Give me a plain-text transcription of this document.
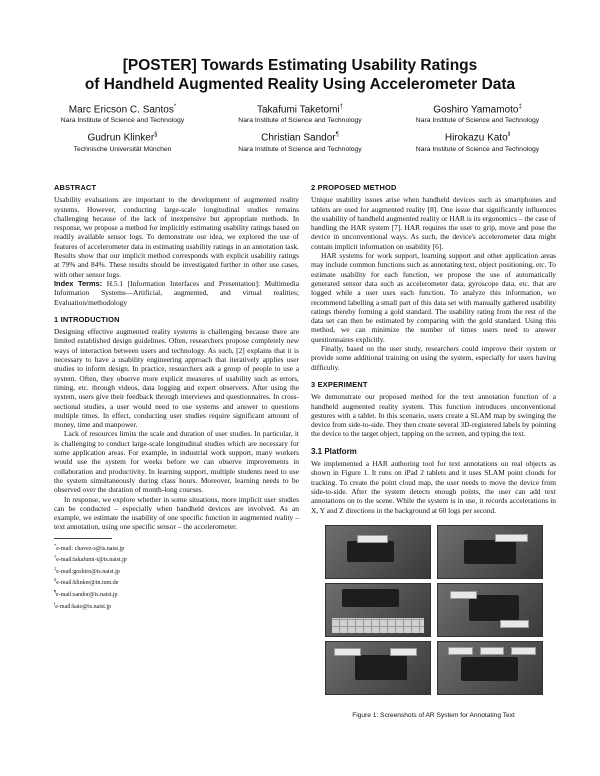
[POSTER] Towards Estimating Usability Ratings
of Handheld Augmented Reality Using Accelerometer Data
Marc Ericson C. Santos*
Nara Institute of Science and Technology
Takafumi Taketomi†
Nara Institute of Science and Technology
Goshiro Yamamoto‡
Nara Institute of Science and Technology
Gudrun Klinker§
Technische Universität München
Christian Sandor¶
Nara Institute of Science and Technology
Hirokazu Kato‖
Nara Institute of Science and Technology
ABSTRACT

Usability evaluations are important to the development of augmented reality systems. However, conducting large-scale longitudinal studies remains challenging because of the lack of inexpensive but appropriate methods. In response, we propose a method for implicitly estimating usability ratings based on readily available sensor logs. To demonstrate our idea, we explored the use of features of accelerometer data in estimating usability ratings in an annotation task. Results show that our implicit method corresponds with explicit usability ratings at 79% and 84%. These results should be investigated further in other use cases, with other sensor logs.

Index Terms: H.5.1 [Information Interfaces and Presentation]: Multimedia Information Systems—Artificial, augmented, and virtual realities; Evaluation/methodology

1 INTRODUCTION

Designing effective augmented reality systems is challenging because there are limited established design guidelines. Often, researchers propose completely new ways of interaction between users and technology. As such, [2] explains that it is necessary to have a usability engineering approach that iteratively applies user studies to inform design. In practice, researchers ask a group of people to use a system. Often, they observe more explicit measures of usability such as errors, timing, etc. through videos, data logging and expert observers. After using the system, users give their feedback through interviews and questionnaires. In cross-sectional studies, a user would need to use systems and answer to questions multiple times. In effect, conducting user studies require significant amount of money, time and manpower.

Lack of resources limits the scale and duration of user studies. In particular, it is challenging to conduct large-scale longitudinal studies which are necessary for some application areas. For example, in industrial work support, many workers would use the system for weeks before we can observe improvements in collaboration and productivity. In learning support, multiple students need to use the system simultaneously during class hours. Moreover, learning needs to be observed over the duration of month-long courses.

In response, we explore whether in some situations, more implicit user studies can be conducted – especially when handheld devices are involved. As an example, we estimate the usability of one specific function in augmented reality – text annotation, using one specific sensor – the accelerometer.

*e-mail: chavez-s@is.naist.jp
†e-mail:takafumi-t@is.naist.jp
‡e-mail:goshiro@is.naist.jp
§e-mail:klinker@in.tum.de
¶e-mail:sandor@is.naist.jp
‖e-mail:kato@is.naist.jp
2 PROPOSED METHOD

Unique usability issues arise when handheld devices such as smartphones and tablets are used for augmented reality [8]. One issue that significantly influences the usability of handheld augmented reality or HAR is its ergonomics – the case of handling the HAR system [7]. HAR requires the user to grip, move and pose the device in unconventional ways. As such, the device's accelerometer data might contain implicit information on usability [6].

HAR systems for work support, learning support and other application areas may include common functions such as annotating text, object positioning, etc. To estimate usability for each function, we propose the use of automatically generated sensor data such as accelerometer data, gyroscope data, etc. that are logged while a user uses each function. To analyze this information, we recommend labelling a small part of this data set with manually gathered usability ratings thereby forming a gold standard. The usability rating from the rest of the data set can then be estimated by comparing with the gold standard. Using this method, we can minimize the number of times users need to answer questionnaires explicitly.

Finally, based on the user study, researchers could improve their system or provide some additional training on using the system, especially for users having difficulty.

3 EXPERIMENT

We demonstrate our proposed method for the text annotation function of a handheld augmented reality system. This function introduces unconventional gestures with a tablet. In this scenario, users create a SLAM map by swinging the device from side-to-side. They then create several 3D-registered labels by pointing the device to the target object, tapping on the screen, and typing the text.

3.1 Platform

We implemented a HAR authoring tool for text annotations on real objects as shown in Figure 1. It runs on iPad 2 tablets and it uses SLAM point clouds for tracking. To create the point cloud map, the user needs to move the device from side-to-side. After the system detects enough points, the user can add text annotations on to the scene. While the system is in use, it records accelerations in X, Y and Z directions in the background at 60 logs per second.

Figure 1: Screenshots of AR System for Annotating Text
